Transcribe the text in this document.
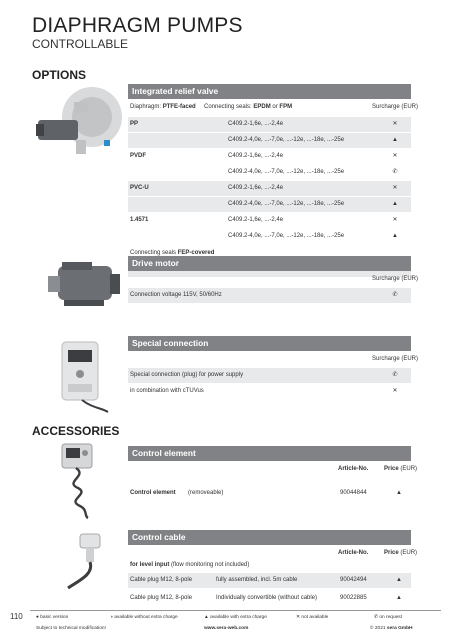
DIAPHRAGM PUMPS
CONTROLLABLE
OPTIONS
Integrated relief valve
Diaphragm: PTFE-faced Connecting seals: EPDM or FPM	Surcharge (EUR)
PP	C409.2-1,6e, ...-2,4e	✕
C409.2-4,0e, ...-7,0e, ...-12e, ...-18e, ...-25e	▲
PVDF	C409.2-1,6e, ...-2,4e	✕
C409.2-4,0e, ...-7,0e, ...-12e, ...-18e, ...-25e	✆
PVC-U	C409.2-1,6e, ...-2,4e	✕
C409.2-4,0e, ...-7,0e, ...-12e, ...-18e, ...-25e	▲
1.4571	C409.2-1,6e, ...-2,4e	✕
C409.2-4,0e, ...-7,0e, ...-12e, ...-18e, ...-25e	▲
Connecting seals FEP-covered
Drive motor
Surcharge (EUR)
Connection voltage 115V, 50/60Hz	✆
Special connection
Surcharge (EUR)
Special connection (plug) for power supply	✆
in combination with cTUVus	✕
ACCESSORIES
Control element
Article-No.	Price (EUR)
Control element (removeable)	90044844	▲
Control cable
Article-No.	Price (EUR)
for level input (flow monitoring not included)
Cable plug M12, 8-pole	fully assembled, incl. 5m cable	90042494	▲
Cable plug M12, 8-pole	Individually convertible (without cable)	90022885	▲
110	● basic version	◑ available without extra charge	▲ available with extra charge	✕ not available	✆ on request
Subject to technical modification!	www.sera-web.com	© 2021 sera GmbH
